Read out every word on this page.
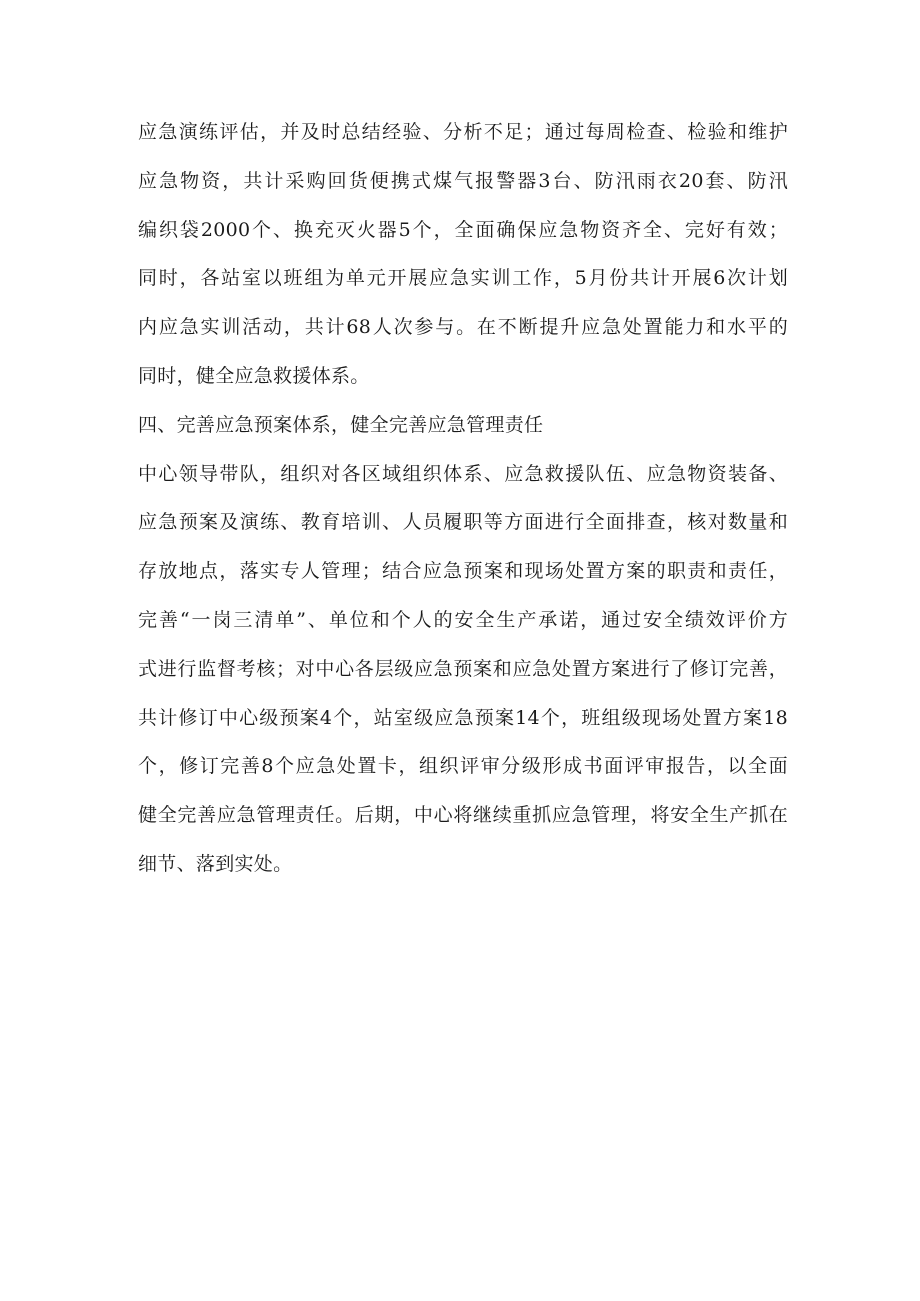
应急演练评估，并及时总结经验、分析不足；通过每周检查、检验和维护
应急物资，共计采购回货便携式煤气报警器3台、防汛雨衣20套、防汛
编织袋2000个、换充灭火器5个，全面确保应急物资齐全、完好有效；
同时，各站室以班组为单元开展应急实训工作，5月份共计开展6次计划
内应急实训活动，共计68人次参与。在不断提升应急处置能力和水平的
同时，健全应急救援体系。
四、完善应急预案体系，健全完善应急管理责任
中心领导带队，组织对各区域组织体系、应急救援队伍、应急物资装备、
应急预案及演练、教育培训、人员履职等方面进行全面排查，核对数量和
存放地点，落实专人管理；结合应急预案和现场处置方案的职责和责任，
完善“一岗三清单”、单位和个人的安全生产承诺，通过安全绩效评价方
式进行监督考核；对中心各层级应急预案和应急处置方案进行了修订完善，
共计修订中心级预案4个，站室级应急预案14个，班组级现场处置方案18
个，修订完善8个应急处置卡，组织评审分级形成书面评审报告，以全面
健全完善应急管理责任。后期，中心将继续重抓应急管理，将安全生产抓在
细节、落到实处。
